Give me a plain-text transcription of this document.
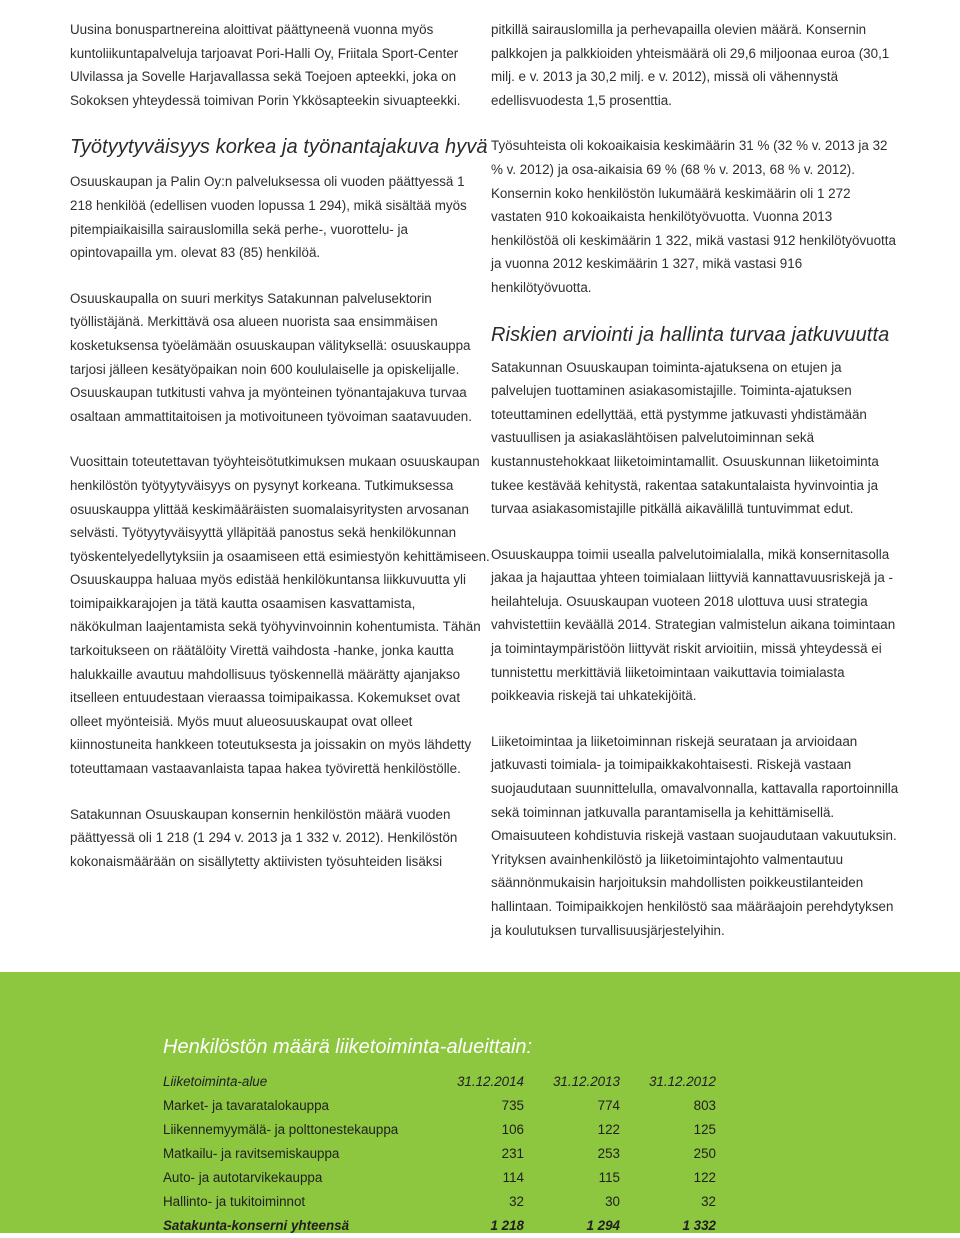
Uusina bonuspartnereina aloittivat päättyneenä vuonna myös kuntoliikuntapalveluja tarjoavat Pori-Halli Oy, Friitala Sport-Center Ulvilassa ja Sovelle Harjavallassa sekä Toejoen apteekki, joka on Sokoksen yhteydessä toimivan Porin Ykkösapteekin sivuapteekki.

Työtyytyväisyys korkea ja työnantajakuva hyvä

Osuuskaupan ja Palin Oy:n palveluksessa oli vuoden päättyessä 1 218 henkilöä (edellisen vuoden lopussa 1 294), mikä sisältää myös pitempiaikaisilla sairauslomilla sekä perhe-, vuorottelu- ja opintovapailla ym. olevat 83 (85) henkilöä.

Osuuskaupalla on suuri merkitys Satakunnan palvelusektorin työllistäjänä. Merkittävä osa alueen nuorista saa ensimmäisen kosketuksensa työelämään osuuskaupan välityksellä: osuuskauppa tarjosi jälleen kesätyöpaikan noin 600 koululaiselle ja opiskelijalle. Osuuskaupan tutkitusti vahva ja myönteinen työnantajakuva turvaa osaltaan ammattitaitoisen ja motivoituneen työvoiman saatavuuden.

Vuosittain toteutettavan työyhteisötutkimuksen mukaan osuuskaupan henkilöstön työtyytyväisyys on pysynyt korkeana. Tutkimuksessa osuuskauppa ylittää keskimääräisten suomalaisyritysten arvosanan selvästi. Työtyytyväisyyttä ylläpitää panostus sekä henkilökunnan työskentelyedellytyksiin ja osaamiseen että esimiestyön kehittämiseen. Osuuskauppa haluaa myös edistää henkilökuntansa liikkuvuutta yli toimipaikkarajojen ja tätä kautta osaamisen kasvattamista, näkökulman laajentamista sekä työhyvinvoinnin kohentumista. Tähän tarkoitukseen on räätälöity Virettä vaihdosta -hanke, jonka kautta halukkaille avautuu mahdollisuus työskennellä määrätty ajanjakso itselleen entuudestaan vieraassa toimipaikassa. Kokemukset ovat olleet myönteisiä. Myös muut alueosuuskaupat ovat olleet kiinnostuneita hankkeen toteutuksesta ja joissakin on myös lähdetty toteuttamaan vastaavanlaista tapaa hakea työvirettä henkilöstölle.

Satakunnan Osuuskaupan konsernin henkilöstön määrä vuoden päättyessä oli 1 218 (1 294 v. 2013 ja 1 332 v. 2012). Henkilöstön kokonaismäärään on sisällytetty aktiivisten työsuhteiden lisäksi

pitkillä sairauslomilla ja perhevapailla olevien määrä. Konsernin palkkojen ja palkkioiden yhteismäärä oli 29,6 miljoonaa euroa (30,1 milj. e v. 2013 ja 30,2 milj. e v. 2012), missä oli vähennystä edellisvuodesta 1,5 prosenttia.

Työsuhteista oli kokoaikaisia keskimäärin 31 % (32 % v. 2013 ja 32 % v. 2012) ja osa-aikaisia 69 % (68 % v. 2013, 68 % v. 2012). Konsernin koko henkilöstön lukumäärä keskimäärin oli 1 272 vastaten 910 kokoaikaista henkilötyövuotta. Vuonna 2013 henkilöstöä oli keskimäärin 1 322, mikä vastasi 912 henkilötyövuotta ja vuonna 2012 keskimäärin 1 327, mikä vastasi 916 henkilötyövuotta.

Riskien arviointi ja hallinta turvaa jatkuvuutta

Satakunnan Osuuskaupan toiminta-ajatuksena on etujen ja palvelujen tuottaminen asiakasomistajille. Toiminta-ajatuksen toteuttaminen edellyttää, että pystymme jatkuvasti yhdistämään vastuullisen ja asiakaslähtöisen palvelutoiminnan sekä kustannustehokkaat liiketoimintamallit. Osuuskunnan liiketoiminta tukee kestävää kehitystä, rakentaa satakuntalaista hyvinvointia ja turvaa asiakasomistajille pitkällä aikavälillä tuntuvimmat edut.

Osuuskauppa toimii usealla palvelutoimialalla, mikä konsernitasolla jakaa ja hajauttaa yhteen toimialaan liittyviä kannattavuusriskejä ja -heilahteluja. Osuuskaupan vuoteen 2018 ulottuva uusi strategia vahvistettiin keväällä 2014. Strategian valmistelun aikana toimintaan ja toimintaympäristöön liittyvät riskit arvioitiin, missä yhteydessä ei tunnistettu merkittäviä liiketoimintaan vaikuttavia toimialasta poikkeavia riskejä tai uhkatekijöitä.

Liiketoimintaa ja liiketoiminnan riskejä seurataan ja arvioidaan jatkuvasti toimiala- ja toimipaikkakohtaisesti. Riskejä vastaan suojaudutaan suunnittelulla, omavalvonnalla, kattavalla raportoinnilla sekä toiminnan jatkuvalla parantamisella ja kehittämisellä. Omaisuuteen kohdistuvia riskejä vastaan suojaudutaan vakuutuksin. Yrityksen avainhenkilöstö ja liiketoimintajohto valmentautuu säännönmukaisin harjoituksin mahdollisten poikkeustilanteiden hallintaan. Toimipaikkojen henkilöstö saa määräajoin perehdytyksen ja koulutuksen turvallisuusjärjestelyihin.

Henkilöstön määrä liiketoiminta-alueittain:
Liiketoiminta-alue	31.12.2014	31.12.2013	31.12.2012
Market- ja tavaratalokauppa	735	774	803
Liikennemyymälä- ja polttonestekauppa	106	122	125
Matkailu- ja ravitsemiskauppa	231	253	250
Auto- ja autotarvikekauppa	114	115	122
Hallinto- ja tukitoiminnot	32	30	32
Satakunta-konserni yhteensä	1 218	1 294	1 332
